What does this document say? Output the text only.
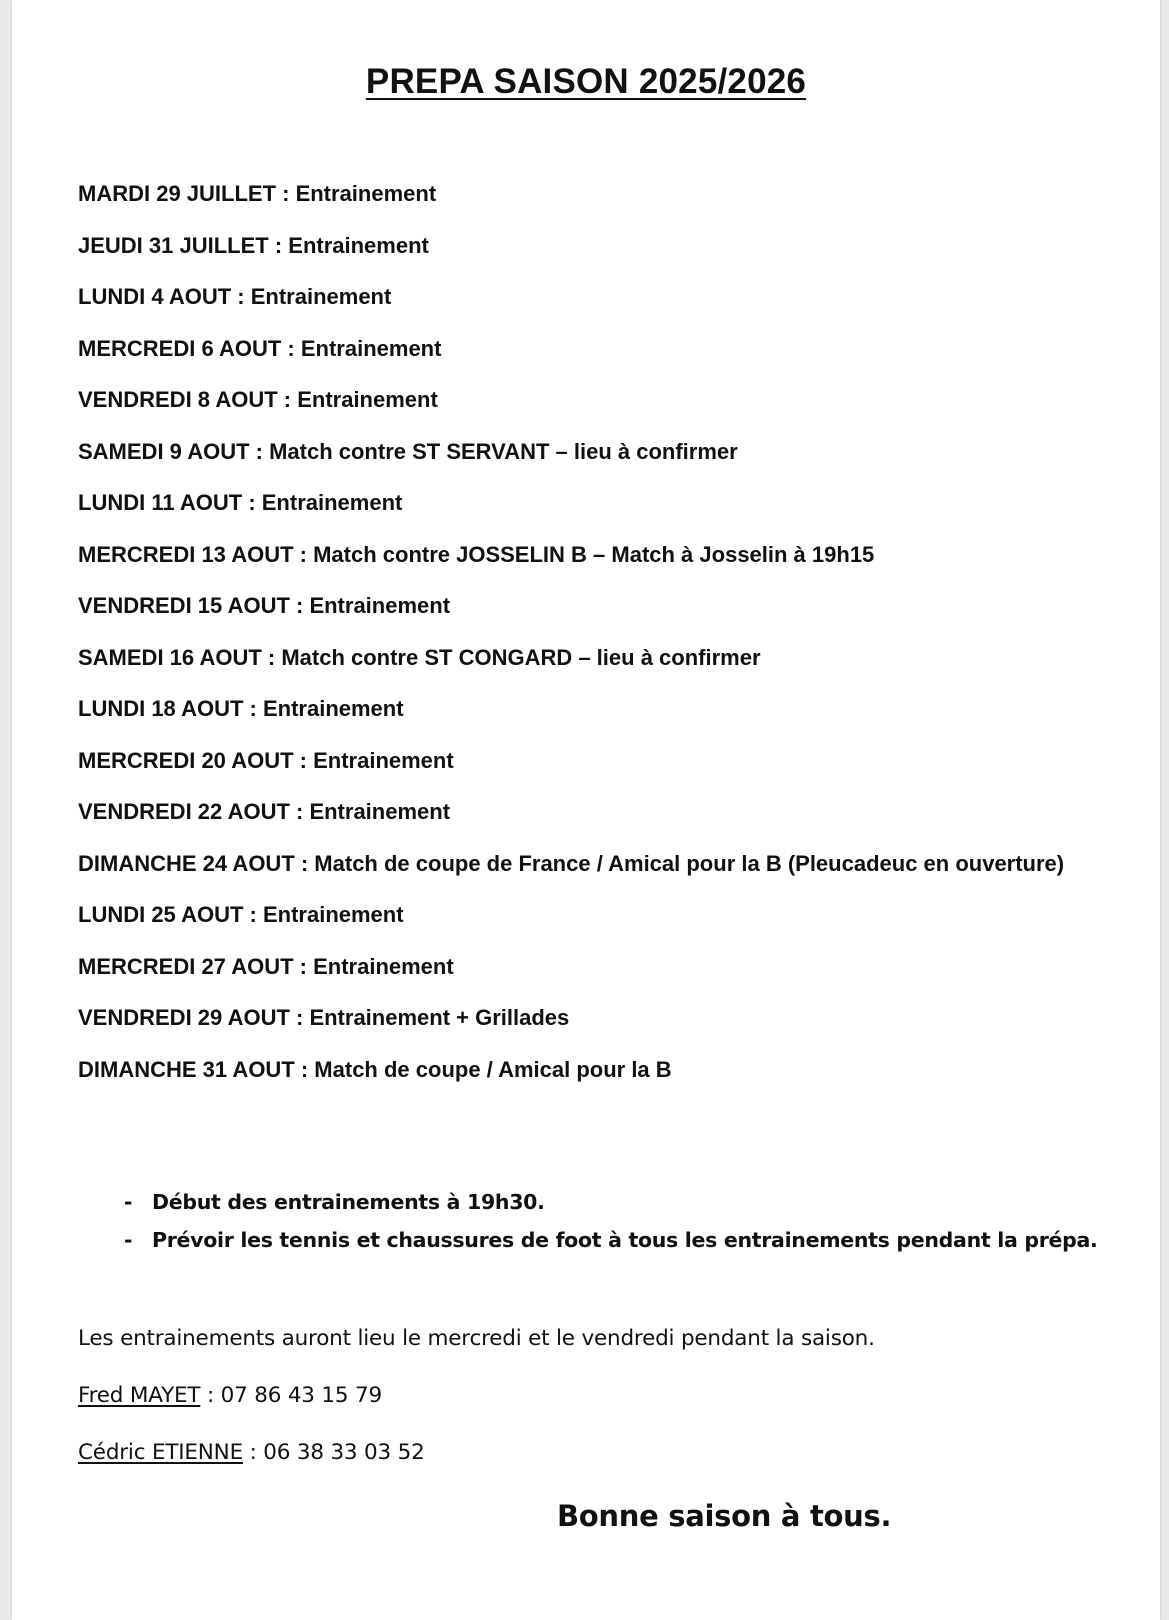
PREPA SAISON 2025/2026
MARDI 29 JUILLET : Entrainement
JEUDI 31 JUILLET : Entrainement
LUNDI 4 AOUT : Entrainement
MERCREDI 6 AOUT : Entrainement
VENDREDI 8 AOUT : Entrainement
SAMEDI 9 AOUT : Match contre ST SERVANT – lieu à confirmer
LUNDI 11 AOUT : Entrainement
MERCREDI 13 AOUT : Match contre JOSSELIN B – Match à Josselin à 19h15
VENDREDI 15 AOUT : Entrainement
SAMEDI 16 AOUT : Match contre ST CONGARD – lieu à confirmer
LUNDI 18 AOUT : Entrainement
MERCREDI 20 AOUT : Entrainement
VENDREDI 22 AOUT : Entrainement
DIMANCHE 24 AOUT : Match de coupe de France / Amical pour la B (Pleucadeuc en ouverture)
LUNDI 25 AOUT : Entrainement
MERCREDI 27 AOUT : Entrainement
VENDREDI 29 AOUT : Entrainement + Grillades
DIMANCHE 31 AOUT : Match de coupe / Amical pour la B
- Début des entrainements à 19h30.
- Prévoir les tennis et chaussures de foot à tous les entrainements pendant la prépa.

Les entrainements auront lieu le mercredi et le vendredi pendant la saison.

Fred MAYET : 07 86 43 15 79

Cédric ETIENNE : 06 38 33 03 52

Bonne saison à tous.
